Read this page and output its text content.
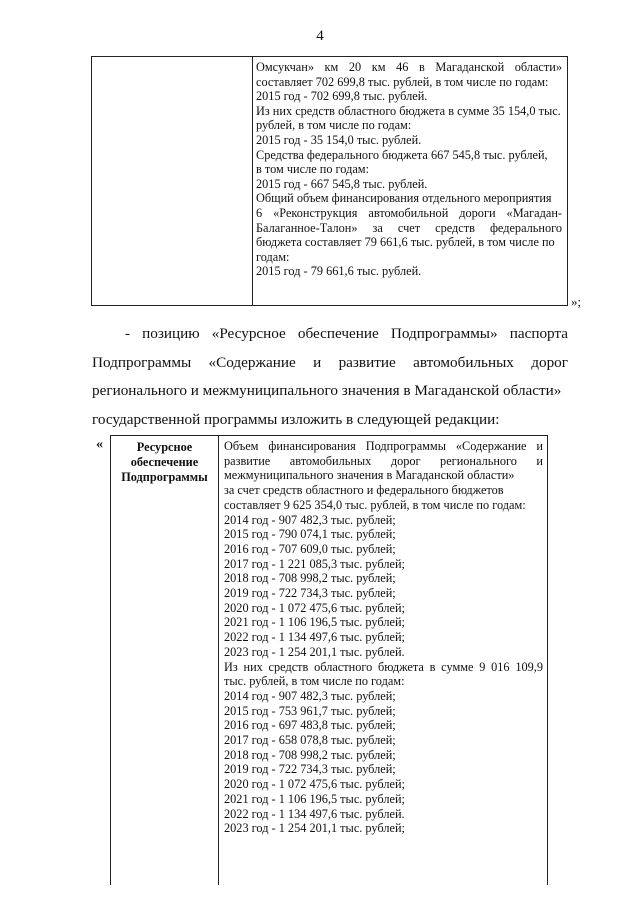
4
Омсукчан» км 20 км 46 в Магаданской области»
составляет 702 699,8 тыс. рублей, в том числе по годам:
2015 год - 702 699,8 тыс. рублей.
Из них средств областного бюджета в сумме 35 154,0 тыс.
рублей, в том числе по годам:
2015 год - 35 154,0 тыс. рублей.
Средства федерального бюджета 667 545,8 тыс. рублей,
в том числе по годам:
2015 год - 667 545,8 тыс. рублей.
Общий объем финансирования отдельного мероприятия
6 «Реконструкция автомобильной дороги «Магадан-
Балаганное-Талон» за счет средств федерального
бюджета составляет 79 661,6 тыс. рублей, в том числе по
годам:
2015 год - 79 661,6 тыс. рублей.
»;
- позицию «Ресурсное обеспечение Подпрограммы» паспорта
Подпрограммы «Содержание и развитие автомобильных дорог
регионального и межмуниципального значения в Магаданской области»
государственной программы изложить в следующей редакции:
«	Ресурсное
обеспечение
Подпрограммы
Объем финансирования Подпрограммы «Содержание и
развитие автомобильных дорог регионального и
межмуниципального значения в Магаданской области»
за счет средств областного и федерального бюджетов
составляет 9 625 354,0 тыс. рублей, в том числе по годам:
2014 год - 907 482,3 тыс. рублей;
2015 год - 790 074,1 тыс. рублей;
2016 год - 707 609,0 тыс. рублей;
2017 год - 1 221 085,3 тыс. рублей;
2018 год - 708 998,2 тыс. рублей;
2019 год - 722 734,3 тыс. рублей;
2020 год - 1 072 475,6 тыс. рублей;
2021 год - 1 106 196,5 тыс. рублей;
2022 год - 1 134 497,6 тыс. рублей;
2023 год - 1 254 201,1 тыс. рублей.
Из них средств областного бюджета в сумме 9 016 109,9
тыс. рублей, в том числе по годам:
2014 год - 907 482,3 тыс. рублей;
2015 год - 753 961,7 тыс. рублей;
2016 год - 697 483,8 тыс. рублей;
2017 год - 658 078,8 тыс. рублей;
2018 год - 708 998,2 тыс. рублей;
2019 год - 722 734,3 тыс. рублей;
2020 год - 1 072 475,6 тыс. рублей;
2021 год - 1 106 196,5 тыс. рублей;
2022 год - 1 134 497,6 тыс. рублей.
2023 год - 1 254 201,1 тыс. рублей;
